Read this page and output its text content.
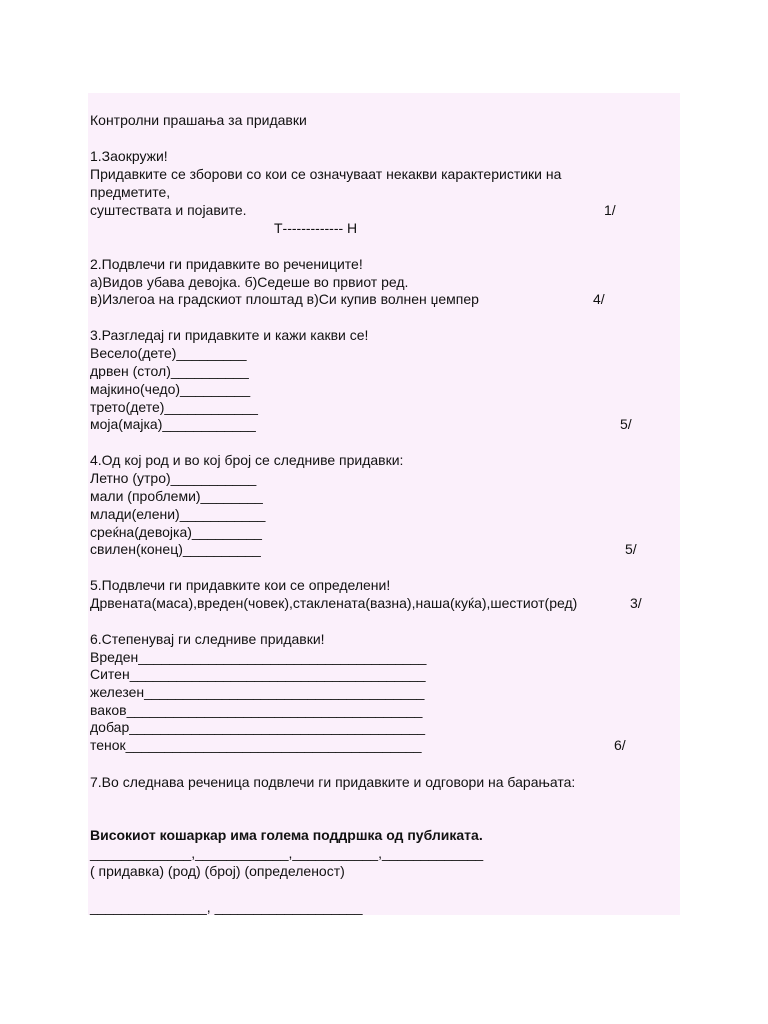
Контролни прашања за придавки
1.Заокружи!
Придавките се зборови со кои се означуваат некакви карактеристики на
предметите,
суштествата и појавите.	1/
Т------------- Н
2.Подвлечи ги придавките во речениците!
а)Видов убава девојка. б)Седеше во првиот ред.
в)Излегоа на градскиот плоштад в)Си купив волнен џемпер	4/
3.Разгледај ги придавките и кажи какви се!
Весело(дете)_________
дрвен (стол)__________
мајкино(чедо)_________
трето(дете)____________
моја(мајка)____________	5/
4.Од кој род и во кој број се следниве придавки:
Летно (утро)___________
мали (проблеми)________
млади(елени)___________
среќна(девојка)_________
свилен(конец)__________	5/
5.Подвлечи ги придавките кои се определени!
Дрвената(маса),вреден(човек),стаклената(вазна),наша(куќа),шестиот(ред)	3/
6.Степенувај ги следниве придавки!
Вреден_____________________________________
Ситен______________________________________
железен____________________________________
ваков______________________________________
добар______________________________________
тенок______________________________________	6/
7.Во следнава реченица подвлечи ги придавките и одговори на барањата:
Високиот кошаркар има голема поддршка од публиката.
_____________,____________,___________,_____________
( придавка) (род) (број) (определеност)
_______________, ___________________
